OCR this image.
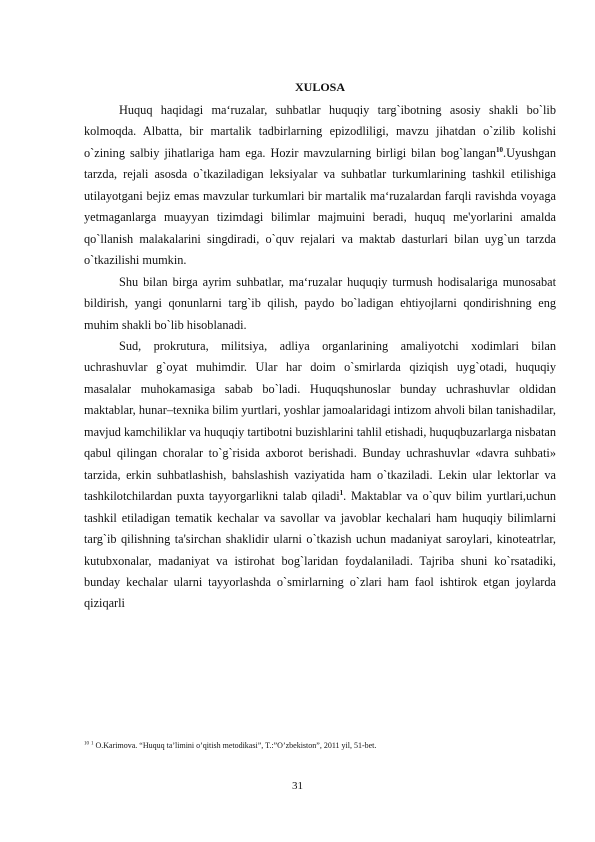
XULOSA

Huquq haqidagi ma‘ruzalar, suhbatlar huquqiy targ`ibotning asosiy shakli bo`lib kolmoqda. Albatta, bir martalik tadbirlarning epizodliligi, mavzu jihatdan o`zilib kolishi o`zining salbiy jihatlariga ham ega. Hozir mavzularning birligi bilan bog`langan$^{10}$.Uyushgan tarzda, rejali asosda o`tkaziladigan leksiyalar va suhbatlar turkumlarining tashkil etilishiga utilayotgani bejiz emas mavzular turkumlari bir martalik ma‘ruzalardan farqli ravishda voyaga yetmaganlarga muayyan tizimdagi bilimlar majmuini beradi, huquq me'yorlarini amalda qo`llanish malakalarini singdiradi, o`quv rejalari va maktab dasturlari bilan uyg`un tarzda o`tkazilishi mumkin.

Shu bilan birga ayrim suhbatlar, ma‘ruzalar huquqiy turmush hodisalariga munosabat bildirish, yangi qonunlarni targ`ib qilish, paydo bo`ladigan ehtiyojlarni qondirishning eng muhim shakli bo`lib hisoblanadi.

Sud, prokrutura, militsiya, adliya organlarining amaliyotchi xodimlari bilan uchrashuvlar g`oyat muhimdir. Ular har doim o`smirlarda qiziqish uyg`otadi, huquqiy masalalar muhokamasiga sabab bo`ladi. Huquqshunoslar bunday uchrashuvlar oldidan maktablar, hunar–texnika bilim yurtlari, yoshlar jamoalaridagi intizom ahvoli bilan tanishadilar, mavjud kamchiliklar va huquqiy tartibotni buzishlarini tahlil etishadi, huquqbuzarlarga nisbatan qabul qilingan choralar to`g`risida axborot berishadi. Bunday uchrashuvlar «davra suhbati» tarzida, erkin suhbatlashish, bahslashish vaziyatida ham o`tkaziladi. Lekin ular lektorlar va tashkilotchilardan puxta tayyorgarlikni talab qiladi$^1$. Maktablar va o`quv bilim yurtlari,uchun tashkil etiladigan tematik kechalar va savollar va javoblar kechalari ham huquqiy bilimlarni targ`ib qilishning ta'sirchan shaklidir ularni o`tkazish uchun madaniyat saroylari, kinoteatrlar, kutubxonalar, madaniyat va istirohat bog`laridan foydalaniladi. Tajriba shuni ko`rsatadiki, bunday kechalar ularni tayyorlashda o`smirlarning o`zlari ham faol ishtirok etgan joylarda qiziqarli

$^{10}$ $^1$ O.Karimova. “Huquq ta’limini o’qitish metodikasi”, T.:”O’zbekiston”, 2011 yil, 51-bet.
31
